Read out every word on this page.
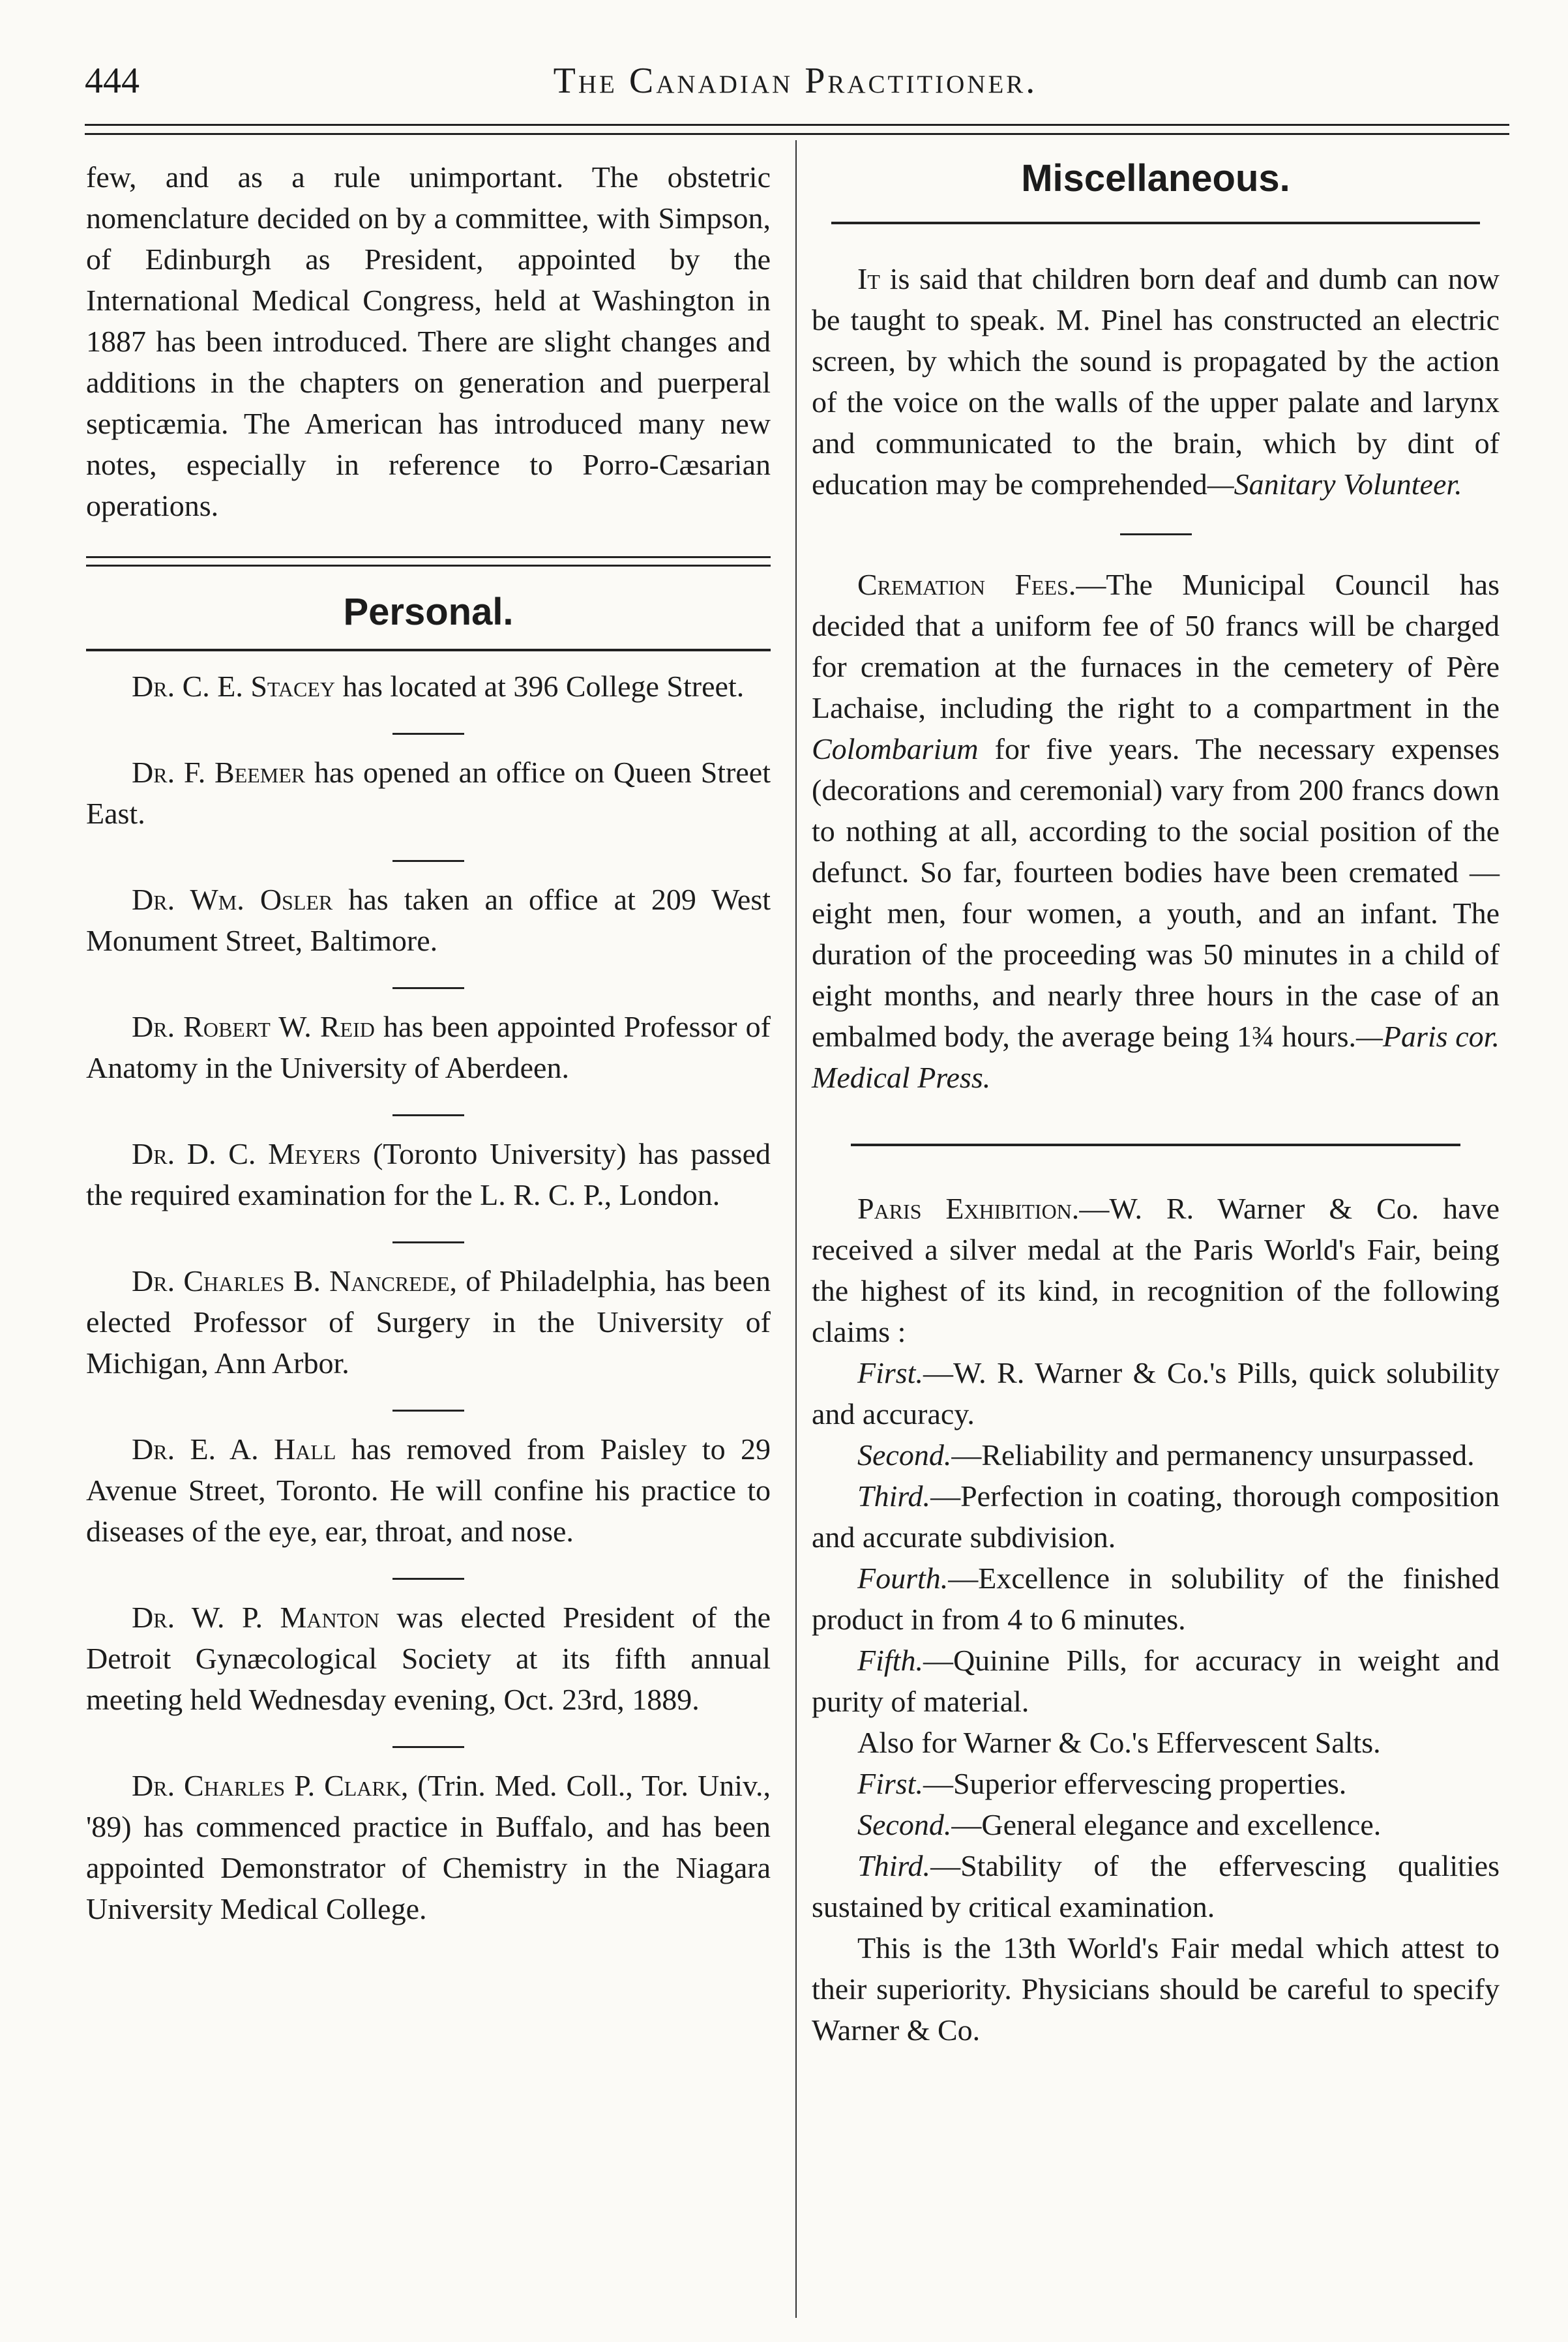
444	The Canadian Practitioner.

few, and as a rule unimportant. The obstetric nomenclature decided on by a committee, with Simpson, of Edinburgh as President, appointed by the International Medical Congress, held at Washington in 1887 has been introduced. There are slight changes and additions in the chapters on generation and puerperal septicæmia. The American has introduced many new notes, especially in reference to Porro-Cæsarian operations.

Personal.

Dr. C. E. Stacey has located at 396 College Street.

Dr. F. Beemer has opened an office on Queen Street East.

Dr. Wm. Osler has taken an office at 209 West Monument Street, Baltimore.

Dr. Robert W. Reid has been appointed Professor of Anatomy in the University of Aberdeen.

Dr. D. C. Meyers (Toronto University) has passed the required examination for the L. R. C. P., London.

Dr. Charles B. Nancrede, of Philadelphia, has been elected Professor of Surgery in the University of Michigan, Ann Arbor.

Dr. E. A. Hall has removed from Paisley to 29 Avenue Street, Toronto. He will confine his practice to diseases of the eye, ear, throat, and nose.

Dr. W. P. Manton was elected President of the Detroit Gynæcological Society at its fifth annual meeting held Wednesday evening, Oct. 23rd, 1889.

Dr. Charles P. Clark, (Trin. Med. Coll., Tor. Univ., '89) has commenced practice in Buffalo, and has been appointed Demonstrator of Chemistry in the Niagara University Medical College.

Miscellaneous.

It is said that children born deaf and dumb can now be taught to speak. M. Pinel has constructed an electric screen, by which the sound is propagated by the action of the voice on the walls of the upper palate and larynx and communicated to the brain, which by dint of education may be comprehended—Sanitary Volunteer.

Cremation Fees.—The Municipal Council has decided that a uniform fee of 50 francs will be charged for cremation at the furnaces in the cemetery of Père Lachaise, including the right to a compartment in the Colombarium for five years. The necessary expenses (decorations and ceremonial) vary from 200 francs down to nothing at all, according to the social position of the defunct. So far, fourteen bodies have been cremated — eight men, four women, a youth, and an infant. The duration of the proceeding was 50 minutes in a child of eight months, and nearly three hours in the case of an embalmed body, the average being 1¾ hours.—Paris cor. Medical Press.

Paris Exhibition.—W. R. Warner & Co. have received a silver medal at the Paris World's Fair, being the highest of its kind, in recognition of the following claims :

First.—W. R. Warner & Co.'s Pills, quick solubility and accuracy.

Second.—Reliability and permanency unsurpassed.

Third.—Perfection in coating, thorough composition and accurate subdivision.

Fourth.—Excellence in solubility of the finished product in from 4 to 6 minutes.

Fifth.—Quinine Pills, for accuracy in weight and purity of material.

Also for Warner & Co.'s Effervescent Salts.

First.—Superior effervescing properties.

Second.—General elegance and excellence.

Third.—Stability of the effervescing qualities sustained by critical examination.

This is the 13th World's Fair medal which attest to their superiority. Physicians should be careful to specify Warner & Co.
